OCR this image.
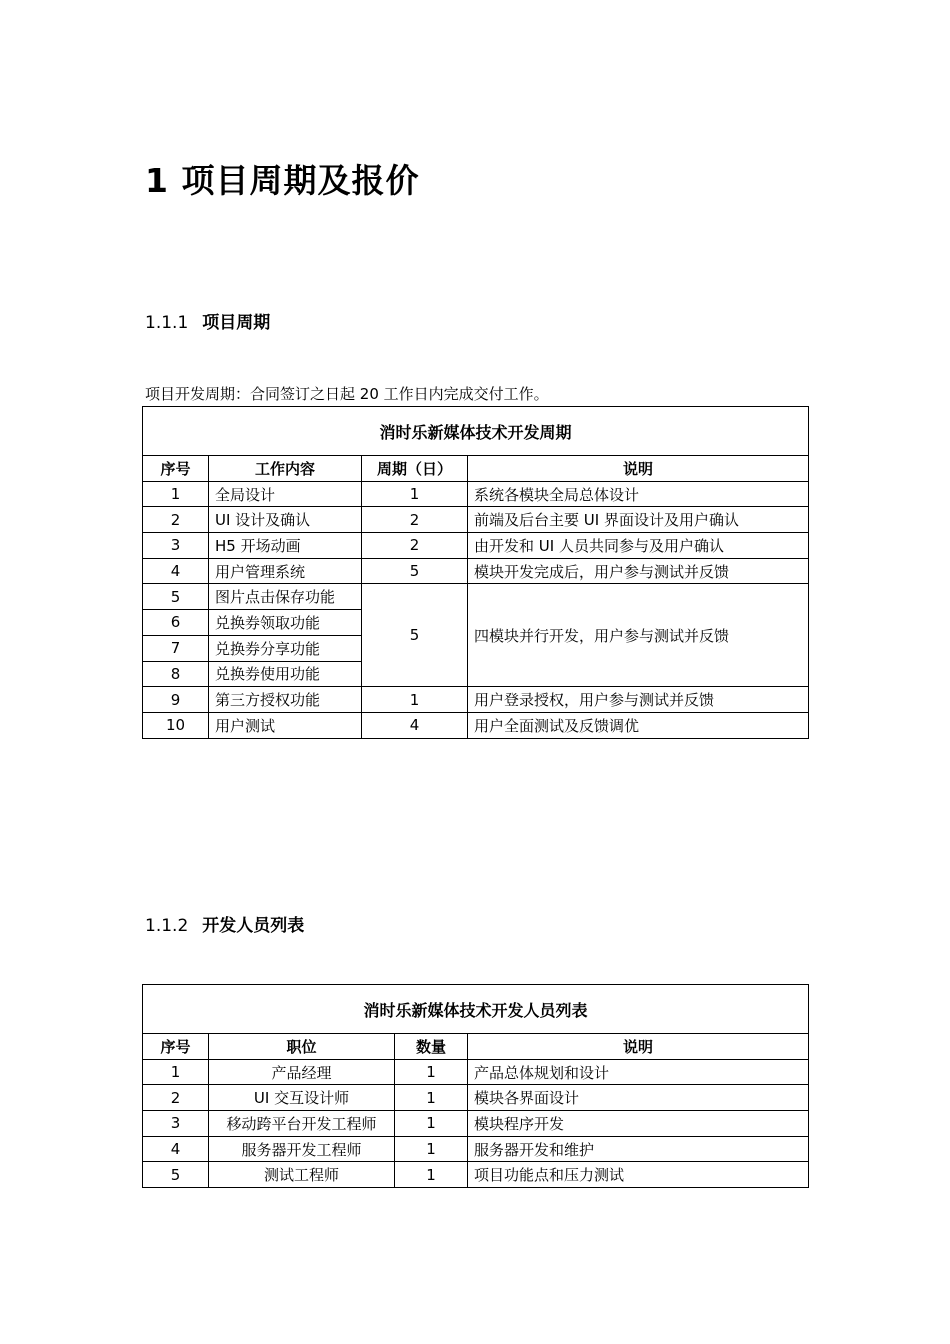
1 项目周期及报价
1.1.1 项目周期
项目开发周期：合同签订之日起 20 工作日内完成交付工作。
消时乐新媒体技术开发周期			
序号	工作内容	周期（日）	说明
1	全局设计	1	系统各模块全局总体设计
2	UI 设计及确认	2	前端及后台主要 UI 界面设计及用户确认
3	H5 开场动画	2	由开发和 UI 人员共同参与及用户确认
4	用户管理系统	5	模块开发完成后，用户参与测试并反馈
5	图片点击保存功能	5	四模块并行开发，用户参与测试并反馈
6	兑换券领取功能		
7	兑换券分享功能		
8	兑换券使用功能		
9	第三方授权功能	1	用户登录授权，用户参与测试并反馈
10	用户测试	4	用户全面测试及反馈调优
1.1.2 开发人员列表
消时乐新媒体技术开发人员列表			
序号	职位	数量	说明
1	产品经理	1	产品总体规划和设计
2	UI 交互设计师	1	模块各界面设计
3	移动跨平台开发工程师	1	模块程序开发
4	服务器开发工程师	1	服务器开发和维护
5	测试工程师	1	项目功能点和压力测试
